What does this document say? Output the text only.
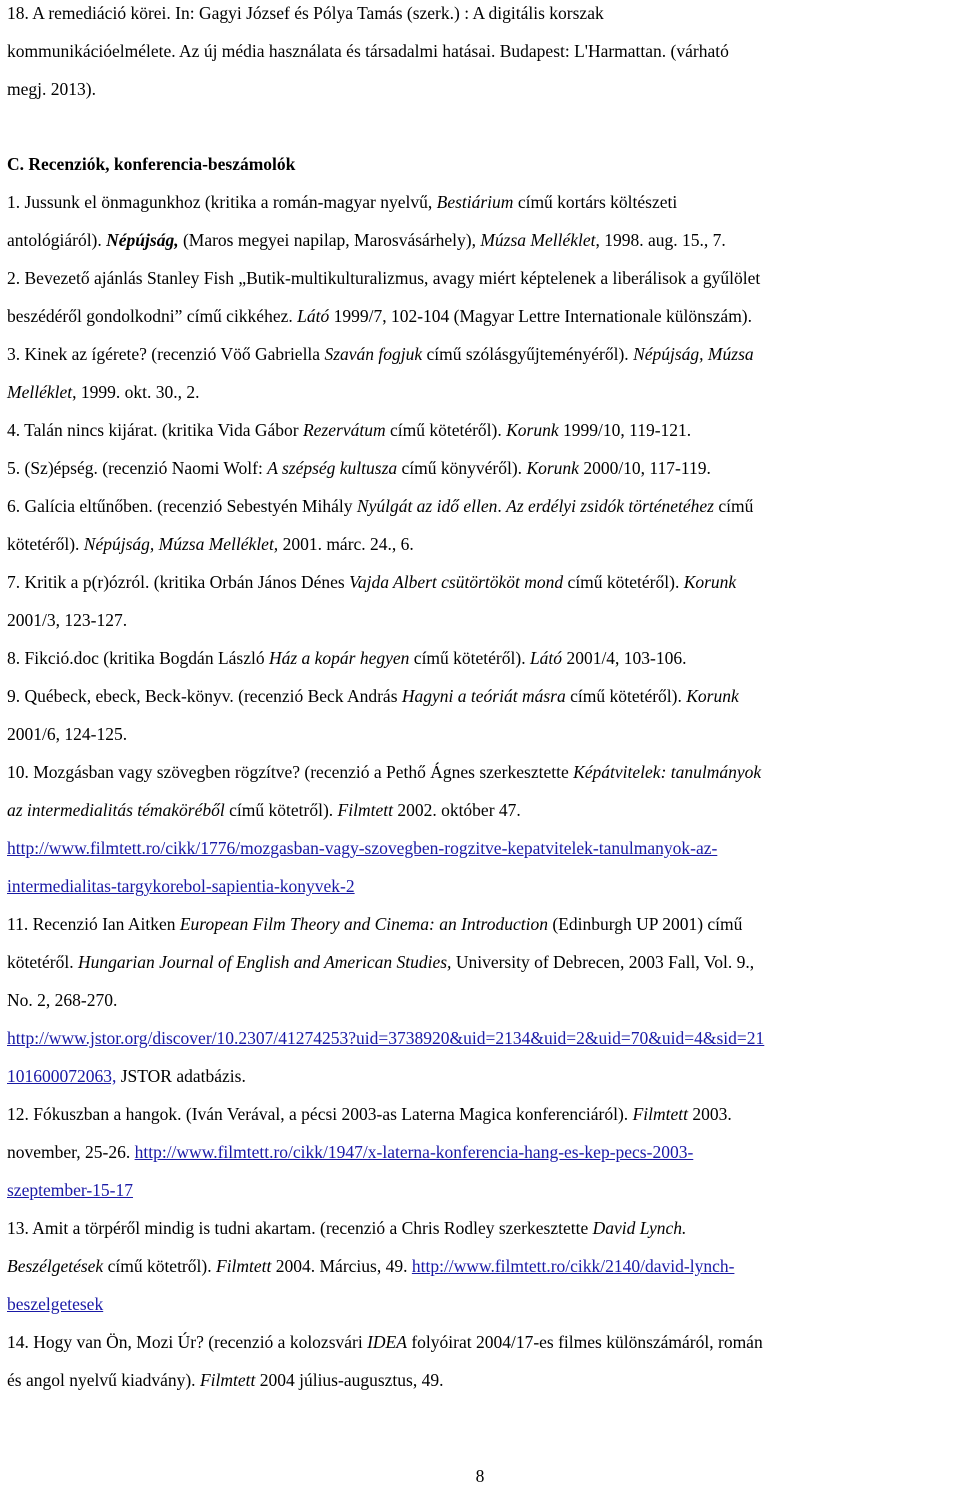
18. A remediáció körei. In: Gagyi József és Pólya Tamás (szerk.) : A digitális korszak
kommunikációelmélete. Az új média használata és társadalmi hatásai. Budapest: L'Harmattan. (várható
megj. 2013).
C. Recenziók, konferencia-beszámolók
1. Jussunk el önmagunkhoz (kritika a román-magyar nyelvű, Bestiárium című kortárs költészeti
antológiáról). Népújság, (Maros megyei napilap, Marosvásárhely), Múzsa Melléklet, 1998. aug. 15., 7.
2. Bevezető ajánlás Stanley Fish „Butik-multikulturalizmus, avagy miért képtelenek a liberálisok a gyűlölet
beszédéről gondolkodni” című cikkéhez. Látó 1999/7, 102-104 (Magyar Lettre Internationale különszám).
3. Kinek az ígérete? (recenzió Vöő Gabriella Szaván fogjuk című szólásgyűjteményéről). Népújság, Múzsa
Melléklet, 1999. okt. 30., 2.
4. Talán nincs kijárat. (kritika Vida Gábor Rezervátum című kötetéről). Korunk 1999/10, 119-121.
5. (Sz)épség. (recenzió Naomi Wolf: A szépség kultusza című könyvéről). Korunk 2000/10, 117-119.
6. Galícia eltűnőben. (recenzió Sebestyén Mihály Nyúlgát az idő ellen. Az erdélyi zsidók történetéhez című
kötetéről). Népújság, Múzsa Melléklet, 2001. márc. 24., 6.
7. Kritik a p(r)ózról. (kritika Orbán János Dénes Vajda Albert csütörtököt mond című kötetéről). Korunk
2001/3, 123-127.
8. Fikció.doc (kritika Bogdán László Ház a kopár hegyen című kötetéről). Látó 2001/4, 103-106.
9. Québeck, ebeck, Beck-könyv. (recenzió Beck András Hagyni a teóriát másra című kötetéről). Korunk
2001/6, 124-125.
10. Mozgásban vagy szövegben rögzítve? (recenzió a Pethő Ágnes szerkesztette Képátvitelek: tanulmányok
az intermedialitás témaköréből című kötetről). Filmtett 2002. október 47.
http://www.filmtett.ro/cikk/1776/mozgasban-vagy-szovegben-rogzitve-kepatvitelek-tanulmanyok-az-
intermedialitas-targykorebol-sapientia-konyvek-2
11. Recenzió Ian Aitken European Film Theory and Cinema: an Introduction (Edinburgh UP 2001) című
kötetéről. Hungarian Journal of English and American Studies, University of Debrecen, 2003 Fall, Vol. 9.,
No. 2, 268-270.
http://www.jstor.org/discover/10.2307/41274253?uid=3738920&uid=2134&uid=2&uid=70&uid=4&sid=21
101600072063, JSTOR adatbázis.
12. Fókuszban a hangok. (Iván Verával, a pécsi 2003-as Laterna Magica konferenciáról). Filmtett 2003.
november, 25-26. http://www.filmtett.ro/cikk/1947/x-laterna-konferencia-hang-es-kep-pecs-2003-
szeptember-15-17
13. Amit a törpéről mindig is tudni akartam. (recenzió a Chris Rodley szerkesztette David Lynch.
Beszélgetések című kötetről). Filmtett 2004. Március, 49. http://www.filmtett.ro/cikk/2140/david-lynch-
beszelgetesek
14. Hogy van Ön, Mozi Úr? (recenzió a kolozsvári IDEA folyóirat 2004/17-es filmes különszámáról, román
és angol nyelvű kiadvány). Filmtett 2004 július-augusztus, 49.
8
